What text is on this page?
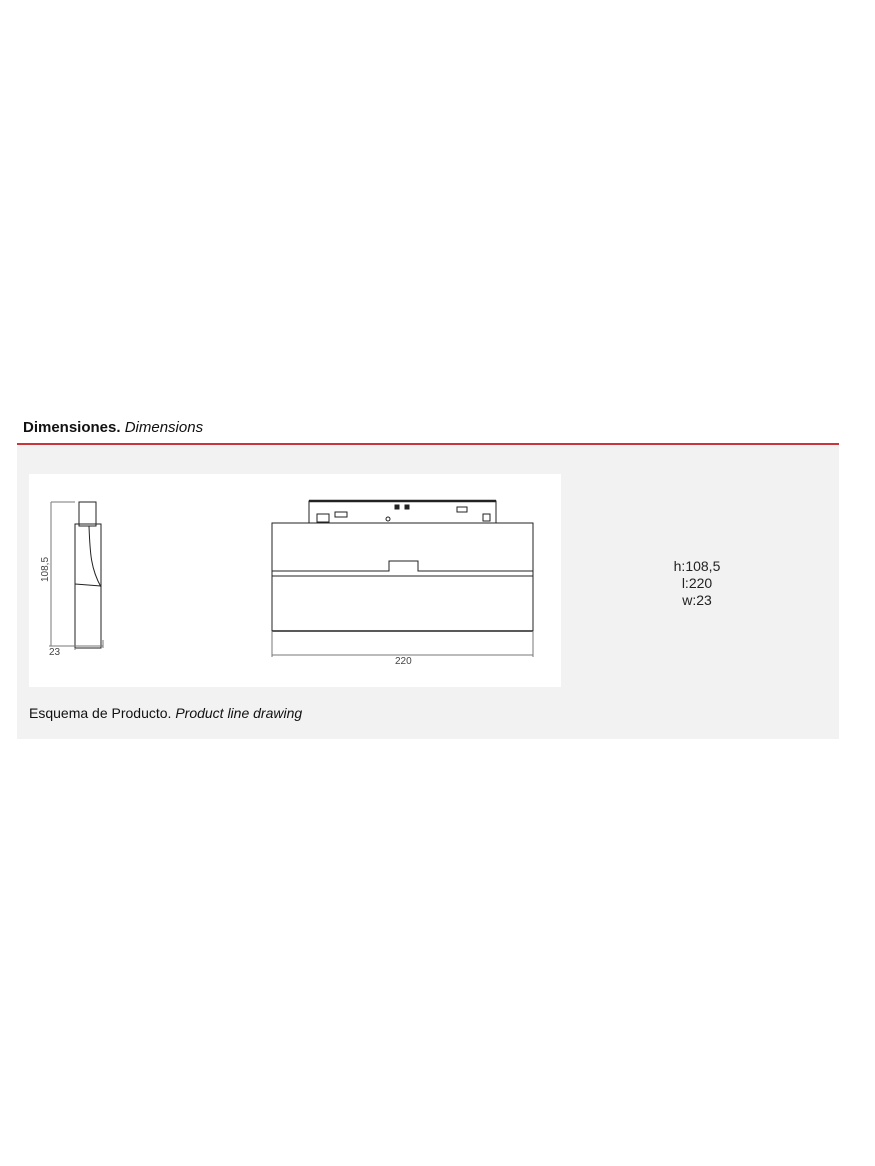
Dimensiones. Dimensions
108,5
23
220
Esquema de Producto. Product line drawing
h:108,5
l:220
w:23
